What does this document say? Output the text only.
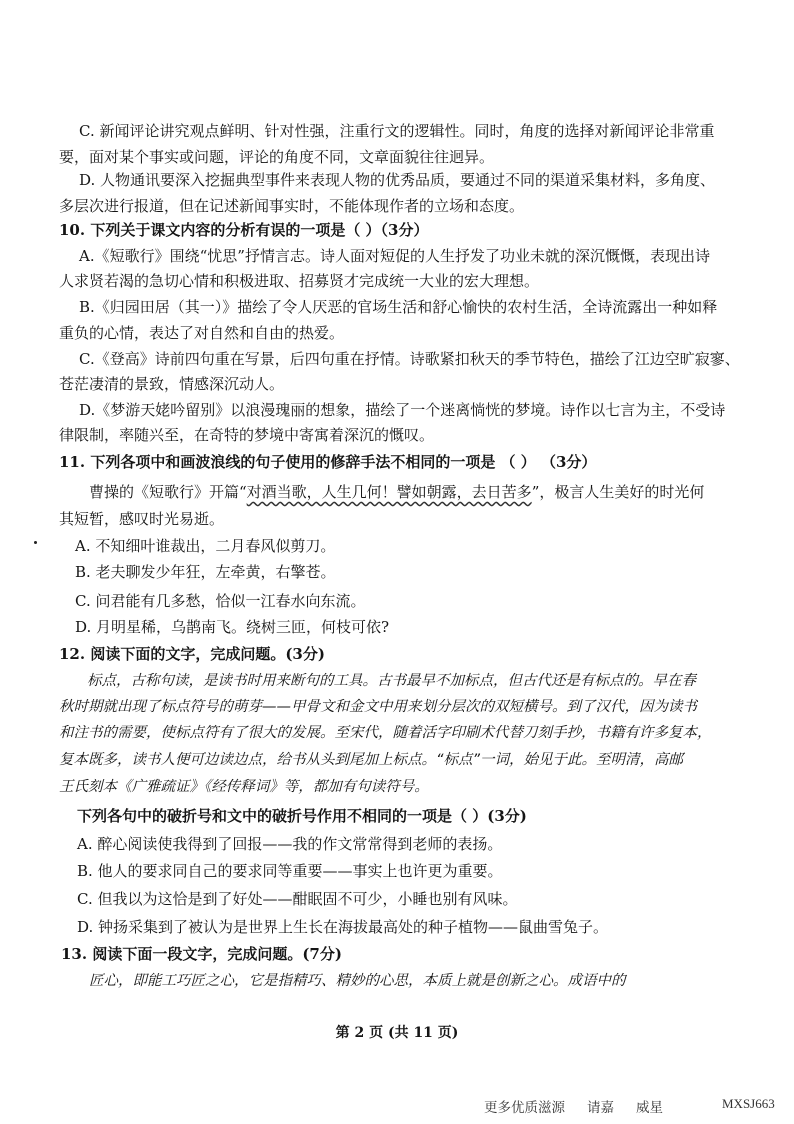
C. 新闻评论讲究观点鲜明、针对性强，注重行文的逻辑性。同时，角度的选择对新闻评论非常重
要，面对某个事实或问题，评论的角度不同，文章面貌往往迥异。
D. 人物通讯要深入挖掘典型事件来表现人物的优秀品质，要通过不同的渠道采集材料，多角度、
多层次进行报道，但在记述新闻事实时，不能体现作者的立场和态度。
10. 下列关于课文内容的分析有误的一项是（ ）（3分）
A.《短歌行》围绕“忧思”抒情言志。诗人面对短促的人生抒发了功业未就的深沉慨慨，表现出诗
人求贤若渴的急切心情和积极进取、招募贤才完成统一大业的宏大理想。
B.《归园田居（其一）》描绘了令人厌恶的官场生活和舒心愉快的农村生活，全诗流露出一种如释
重负的心情，表达了对自然和自由的热爱。
C.《登高》诗前四句重在写景，后四句重在抒情。诗歌紧扣秋天的季节特色，描绘了江边空旷寂寥、
苍茫凄清的景致，情感深沉动人。
D.《梦游天姥吟留别》以浪漫瑰丽的想象，描绘了一个迷离惝恍的梦境。诗作以七言为主，不受诗
律限制，率随兴至，在奇特的梦境中寄寓着深沉的慨叹。
11. 下列各项中和画波浪线的句子使用的修辞手法不相同的一项是 （ ） （3分）
曹操的《短歌行》开篇“对酒当歌，人生几何！譬如朝露，去日苦多”，极言人生美好的时光何
其短暂，感叹时光易逝。
A. 不知细叶谁裁出，二月春风似剪刀。
B. 老夫聊发少年狂，左牵黄，右擎苍。
C. 问君能有几多愁，恰似一江春水向东流。
D. 月明星稀，乌鹊南飞。绕树三匝，何枝可依?
12. 阅读下面的文字，完成问题。(3分)
标点，古称句读，是读书时用来断句的工具。古书最早不加标点，但古代还是有标点的。早在春
秋时期就出现了标点符号的萌芽——甲骨文和金文中用来划分层次的双短横号。到了汉代，因为读书
和注书的需要，使标点符有了很大的发展。至宋代，随着活字印刷术代替刀刻手抄，书籍有许多复本，
复本既多，读书人便可边读边点，给书从头到尾加上标点。“标点”一词，始见于此。至明清，高邮
王氏刻本《广雅疏证》《经传释词》等，都加有句读符号。
下列各句中的破折号和文中的破折号作用不相同的一项是（ ）(3分)
A. 醉心阅读使我得到了回报——我的作文常常得到老师的表扬。
B. 他人的要求同自己的要求同等重要——事实上也许更为重要。
C. 但我以为这恰是到了好处——酣眠固不可少，小睡也别有风味。
D. 钟扬采集到了被认为是世界上生长在海拔最高处的种子植物——鼠曲雪兔子。
13. 阅读下面一段文字，完成问题。(7分)
匠心，即能工巧匠之心，它是指精巧、精妙的心思，本质上就是创新之心。成语中的
第 2 页 (共 11 页)
更多优质滋源 请嘉 威星	MXSJ663
